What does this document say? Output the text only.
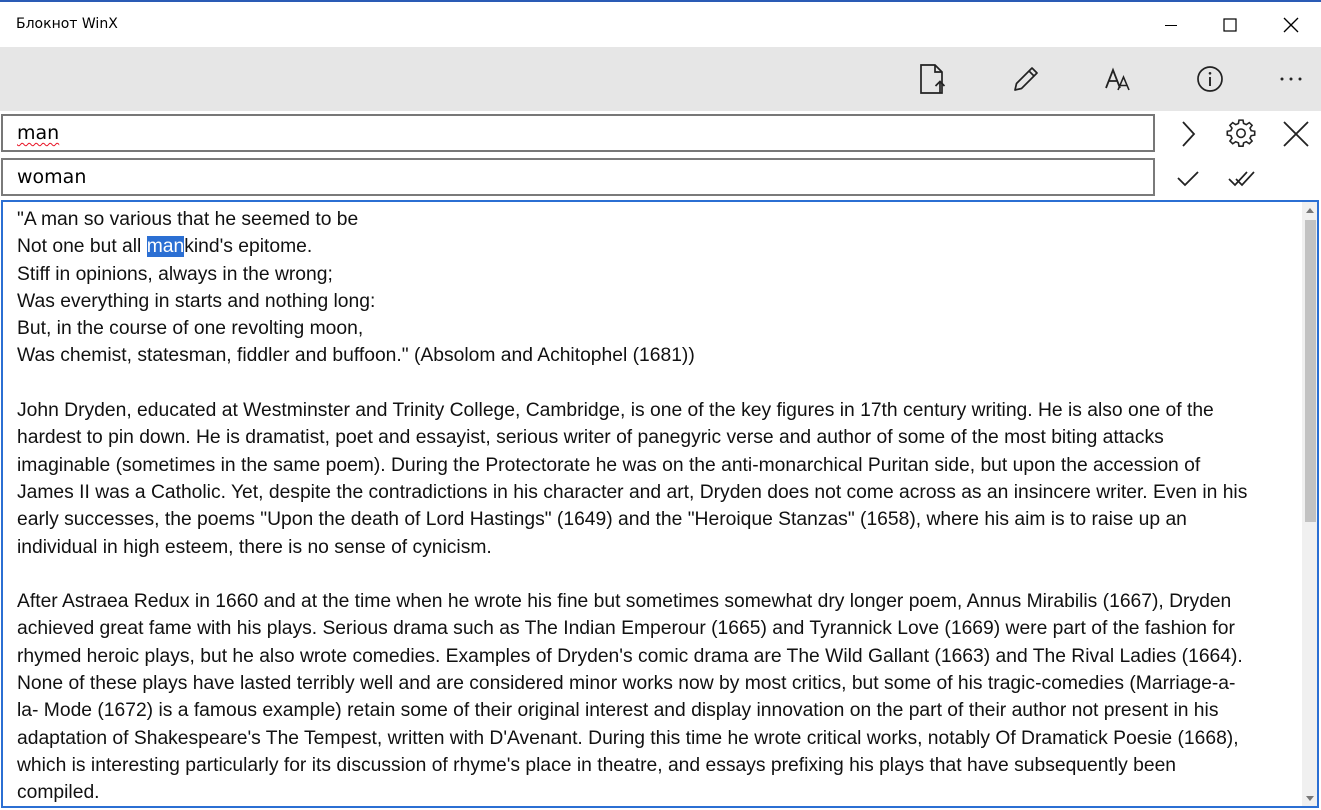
Блокнот WinX
man
woman
"A man so various that he seemed to be
Not one but all mankind's epitome.
Stiff in opinions, always in the wrong;
Was everything in starts and nothing long:
But, in the course of one revolting moon,
Was chemist, statesman, fiddler and buffoon." (Absolom and Achitophel (1681))

John Dryden, educated at Westminster and Trinity College, Cambridge, is one of the key figures in 17th century writing. He is also one of the
hardest to pin down. He is dramatist, poet and essayist, serious writer of panegyric verse and author of some of the most biting attacks
imaginable (sometimes in the same poem). During the Protectorate he was on the anti-monarchical Puritan side, but upon the accession of
James II was a Catholic. Yet, despite the contradictions in his character and art, Dryden does not come across as an insincere writer. Even in his
early successes, the poems "Upon the death of Lord Hastings" (1649) and the "Heroique Stanzas" (1658), where his aim is to raise up an
individual in high esteem, there is no sense of cynicism.

After Astraea Redux in 1660 and at the time when he wrote his fine but sometimes somewhat dry longer poem, Annus Mirabilis (1667), Dryden
achieved great fame with his plays. Serious drama such as The Indian Emperour (1665) and Tyrannick Love (1669) were part of the fashion for
rhymed heroic plays, but he also wrote comedies. Examples of Dryden's comic drama are The Wild Gallant (1663) and The Rival Ladies (1664).
None of these plays have lasted terribly well and are considered minor works now by most critics, but some of his tragic-comedies (Marriage-a-
la- Mode (1672) is a famous example) retain some of their original interest and display innovation on the part of their author not present in his
adaptation of Shakespeare's The Tempest, written with D'Avenant. During this time he wrote critical works, notably Of Dramatick Poesie (1668),
which is interesting particularly for its discussion of rhyme's place in theatre, and essays prefixing his plays that have subsequently been
compiled.
